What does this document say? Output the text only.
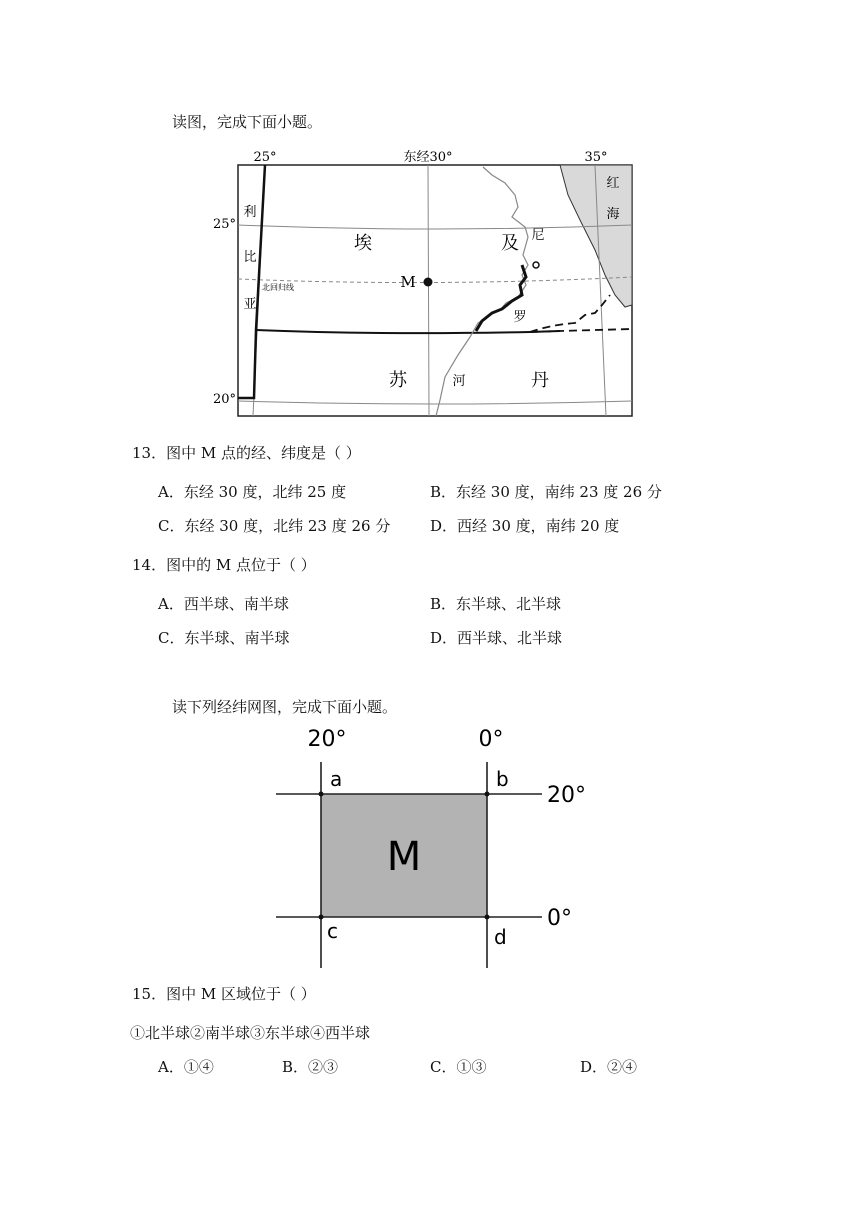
读图，完成下面小题。
25°	东经30°	35°
25°
20°
利
比
亚
埃	及
苏	丹
尼
罗
河
红
海
北回归线	M
13．图中 M 点的经、纬度是（ ）
A．东经 30 度，北纬 25 度	B．东经 30 度，南纬 23 度 26 分
C．东经 30 度，北纬 23 度 26 分	D．西经 30 度，南纬 20 度
14．图中的 M 点位于（ ）
A．西半球、南半球	B．东半球、北半球
C．东半球、南半球	D．西半球、北半球
读下列经纬网图，完成下面小题。
20°	0°
20°
0°
a	b
c	d
M
15．图中 M 区域位于（ ）
①北半球②南半球③东半球④西半球
A．①④	B．②③	C．①③	D．②④
